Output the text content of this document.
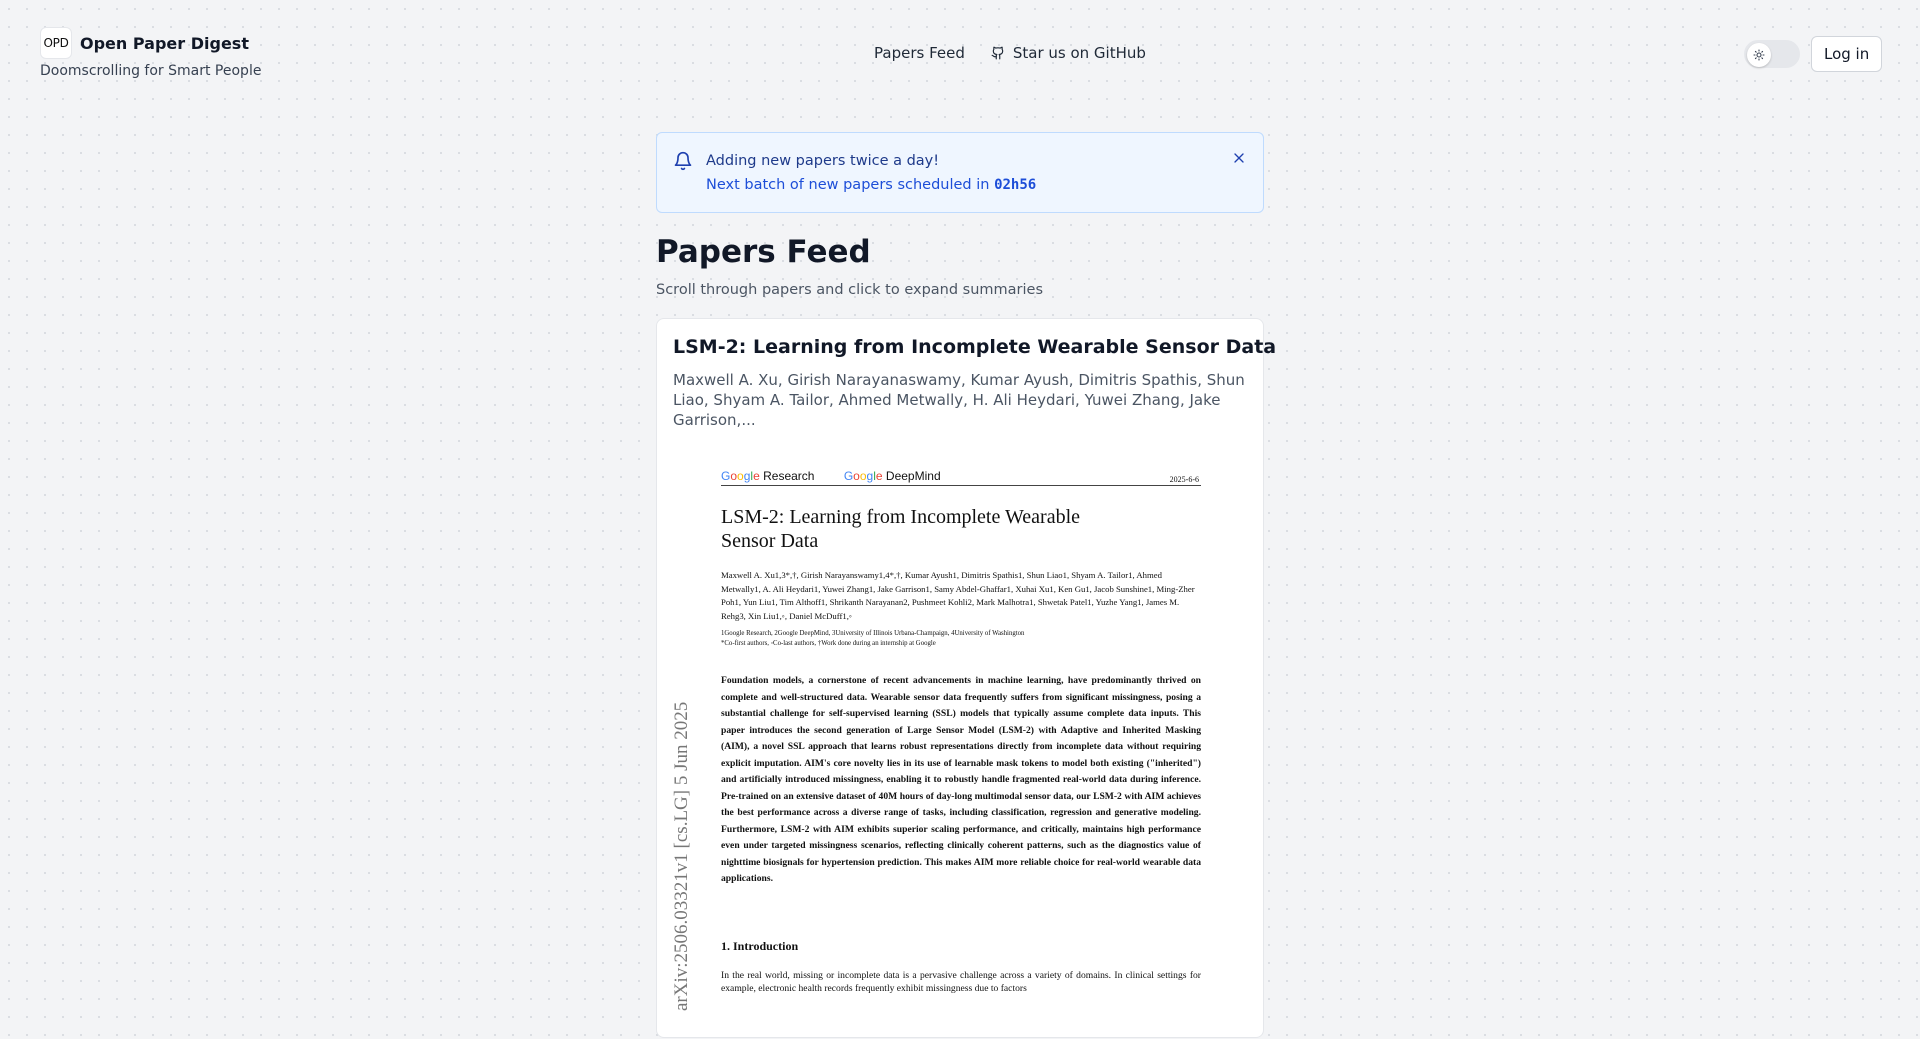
OPD Open Paper Digest
Doomscrolling for Smart People
Papers Feed	Star us on GitHub	Log in
Adding new papers twice a day!
Next batch of new papers scheduled in 02h56
Papers Feed
Scroll through papers and click to expand summaries
LSM-2: Learning from Incomplete Wearable Sensor Data
Maxwell A. Xu, Girish Narayanaswamy, Kumar Ayush, Dimitris Spathis, Shun Liao, Shyam A. Tailor, Ahmed Metwally, H. Ali Heydari, Yuwei Zhang, Jake Garrison,...
Google Research Google DeepMind	2025-6-6
LSM-2: Learning from Incomplete Wearable Sensor Data
Maxwell A. Xu1,3*,†, Girish Narayanswamy1,4*,†, Kumar Ayush1, Dimitris Spathis1, Shun Liao1, Shyam A. Tailor1, Ahmed Metwally1, A. Ali Heydari1, Yuwei Zhang1, Jake Garrison1, Samy Abdel-Ghaffar1, Xuhai Xu1, Ken Gu1, Jacob Sunshine1, Ming-Zher Poh1, Yun Liu1, Tim Althoff1, Shrikanth Narayanan2, Pushmeet Kohli2, Mark Malhotra1, Shwetak Patel1, Yuzhe Yang1, James M. Rehg3, Xin Liu1,◦, Daniel McDuff1,◦
1Google Research, 2Google DeepMind, 3University of Illinois Urbana-Champaign, 4University of Washington
*Co-first authors, ◦Co-last authors, †Work done during an internship at Google
Foundation models, a cornerstone of recent advancements in machine learning, have predominantly thrived on complete and well-structured data. Wearable sensor data frequently suffers from significant missingness, posing a substantial challenge for self-supervised learning (SSL) models that typically assume complete data inputs. This paper introduces the second generation of Large Sensor Model (LSM-2) with Adaptive and Inherited Masking (AIM), a novel SSL approach that learns robust representations directly from incomplete data without requiring explicit imputation. AIM's core novelty lies in its use of learnable mask tokens to model both existing ("inherited") and artificially introduced missingness, enabling it to robustly handle fragmented real-world data during inference. Pre-trained on an extensive dataset of 40M hours of day-long multimodal sensor data, our LSM-2 with AIM achieves the best performance across a diverse range of tasks, including classification, regression and generative modeling. Furthermore, LSM-2 with AIM exhibits superior scaling performance, and critically, maintains high performance even under targeted missingness scenarios, reflecting clinically coherent patterns, such as the diagnostics value of nighttime biosignals for hypertension prediction. This makes AIM more reliable choice for real-world wearable data applications.
1. Introduction
In the real world, missing or incomplete data is a pervasive challenge across a variety of domains. In clinical settings for example, electronic health records frequently exhibit missingness due to factors
arXiv:2506.03321v1 [cs.LG] 5 Jun 2025
